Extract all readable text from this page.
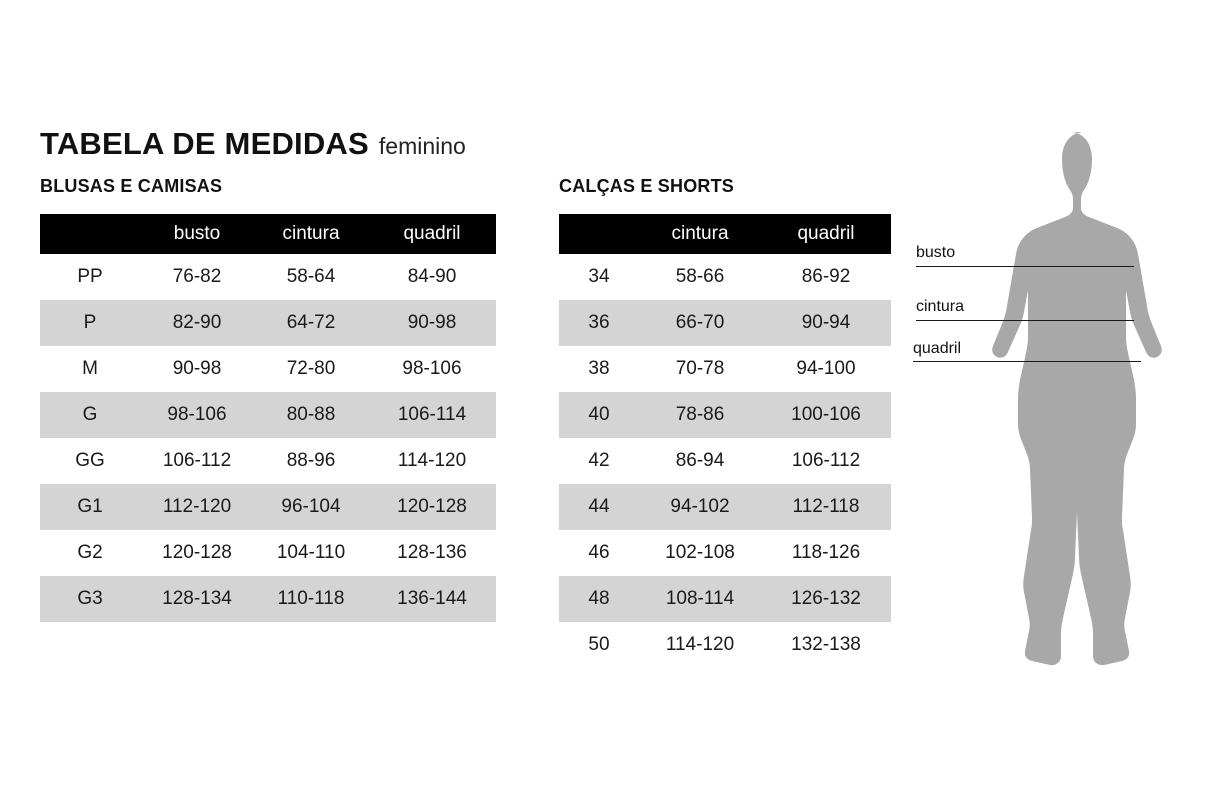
TABELA DE MEDIDAS feminino
BLUSAS E CAMISAS	CALÇAS E SHORTS
	busto	cintura	quadril
PP	76-82	58-64	84-90
P	82-90	64-72	90-98
M	90-98	72-80	98-106
G	98-106	80-88	106-114
GG	106-112	88-96	114-120
G1	112-120	96-104	120-128
G2	120-128	104-110	128-136
G3	128-134	110-118	136-144
	cintura	quadril
34	58-66	86-92
36	66-70	90-94
38	70-78	94-100
40	78-86	100-106
42	86-94	106-112
44	94-102	112-118
46	102-108	118-126
48	108-114	126-132
50	114-120	132-138
busto
cintura
quadril
